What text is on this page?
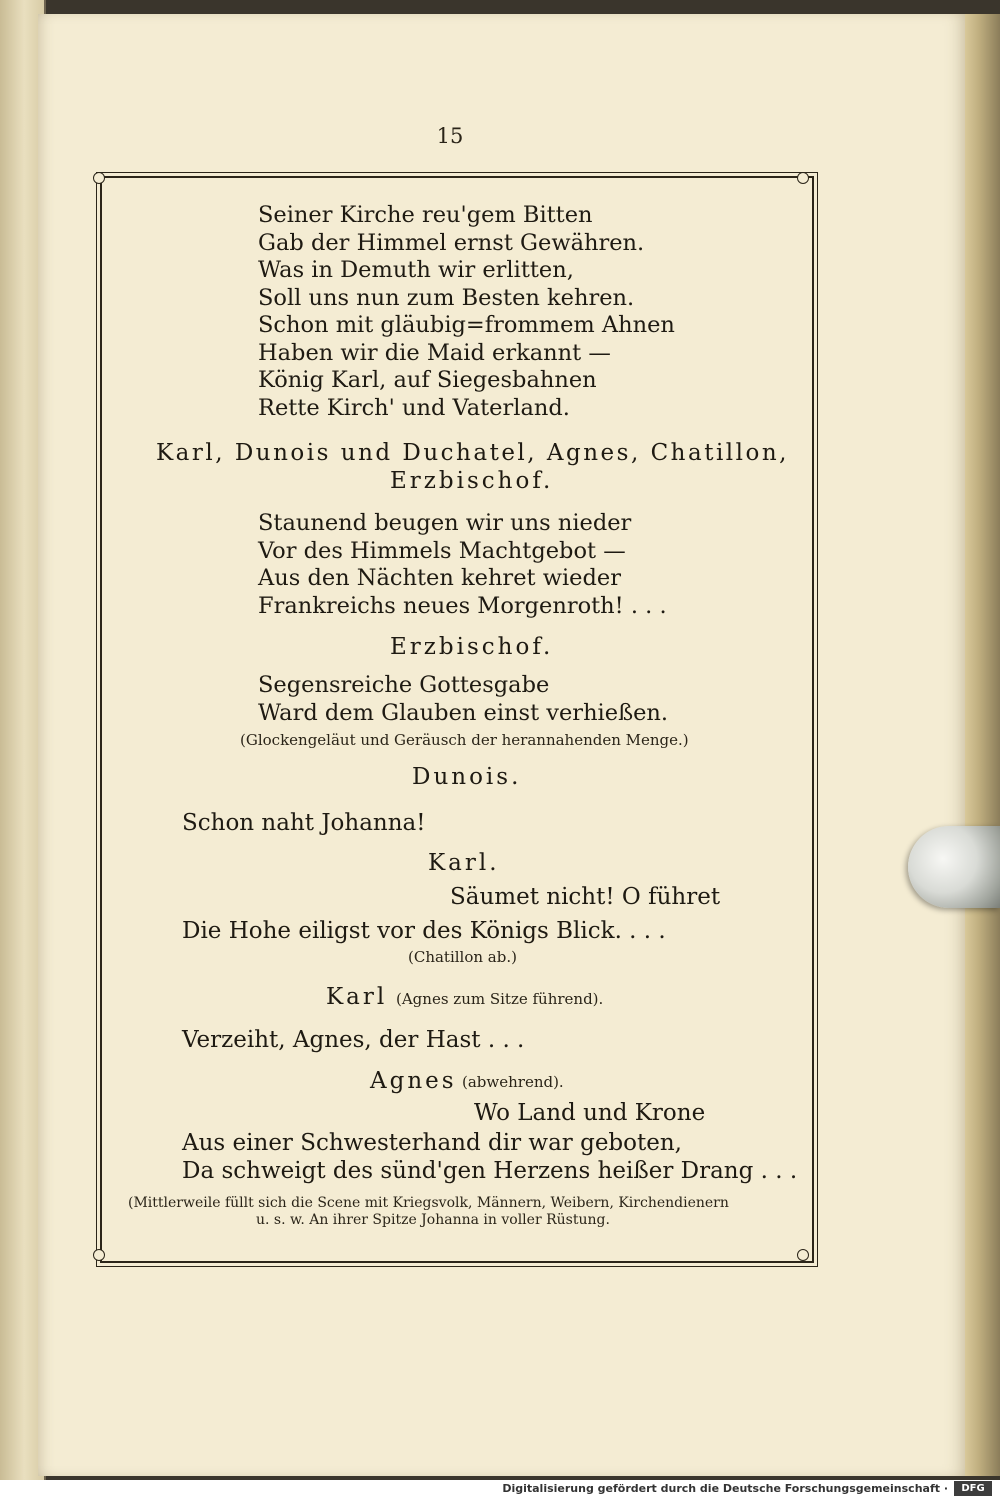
15
Seiner Kirche reu'gem Bitten
Gab der Himmel ernst Gewähren.
Was in Demuth wir erlitten,
Soll uns nun zum Besten kehren.
Schon mit gläubig=frommem Ahnen
Haben wir die Maid erkannt —
König Karl, auf Siegesbahnen
Rette Kirch' und Vaterland.
Karl, Dunois und Duchatel, Agnes, Chatillon,
Erzbischof.
Staunend beugen wir uns nieder
Vor des Himmels Machtgebot —
Aus den Nächten kehret wieder
Frankreichs neues Morgenroth! . . .
Erzbischof.
Segensreiche Gottesgabe
Ward dem Glauben einst verhießen.
(Glockengeläut und Geräusch der herannahenden Menge.)
Dunois.
Schon naht Johanna!
Karl.
Säumet nicht! O führet
Die Hohe eiligst vor des Königs Blick. . . .
(Chatillon ab.)
Karl (Agnes zum Sitze führend).
Verzeiht, Agnes, der Hast . . .
Agnes (abwehrend).
Wo Land und Krone
Aus einer Schwesterhand dir war geboten,
Da schweigt des sünd'gen Herzens heißer Drang . . .
(Mittlerweile füllt sich die Scene mit Kriegsvolk, Männern, Weibern, Kirchendienern
u. s. w. An ihrer Spitze Johanna in voller Rüstung.
Digitalisierung gefördert durch die Deutsche Forschungsgemeinschaft ·	DFG
